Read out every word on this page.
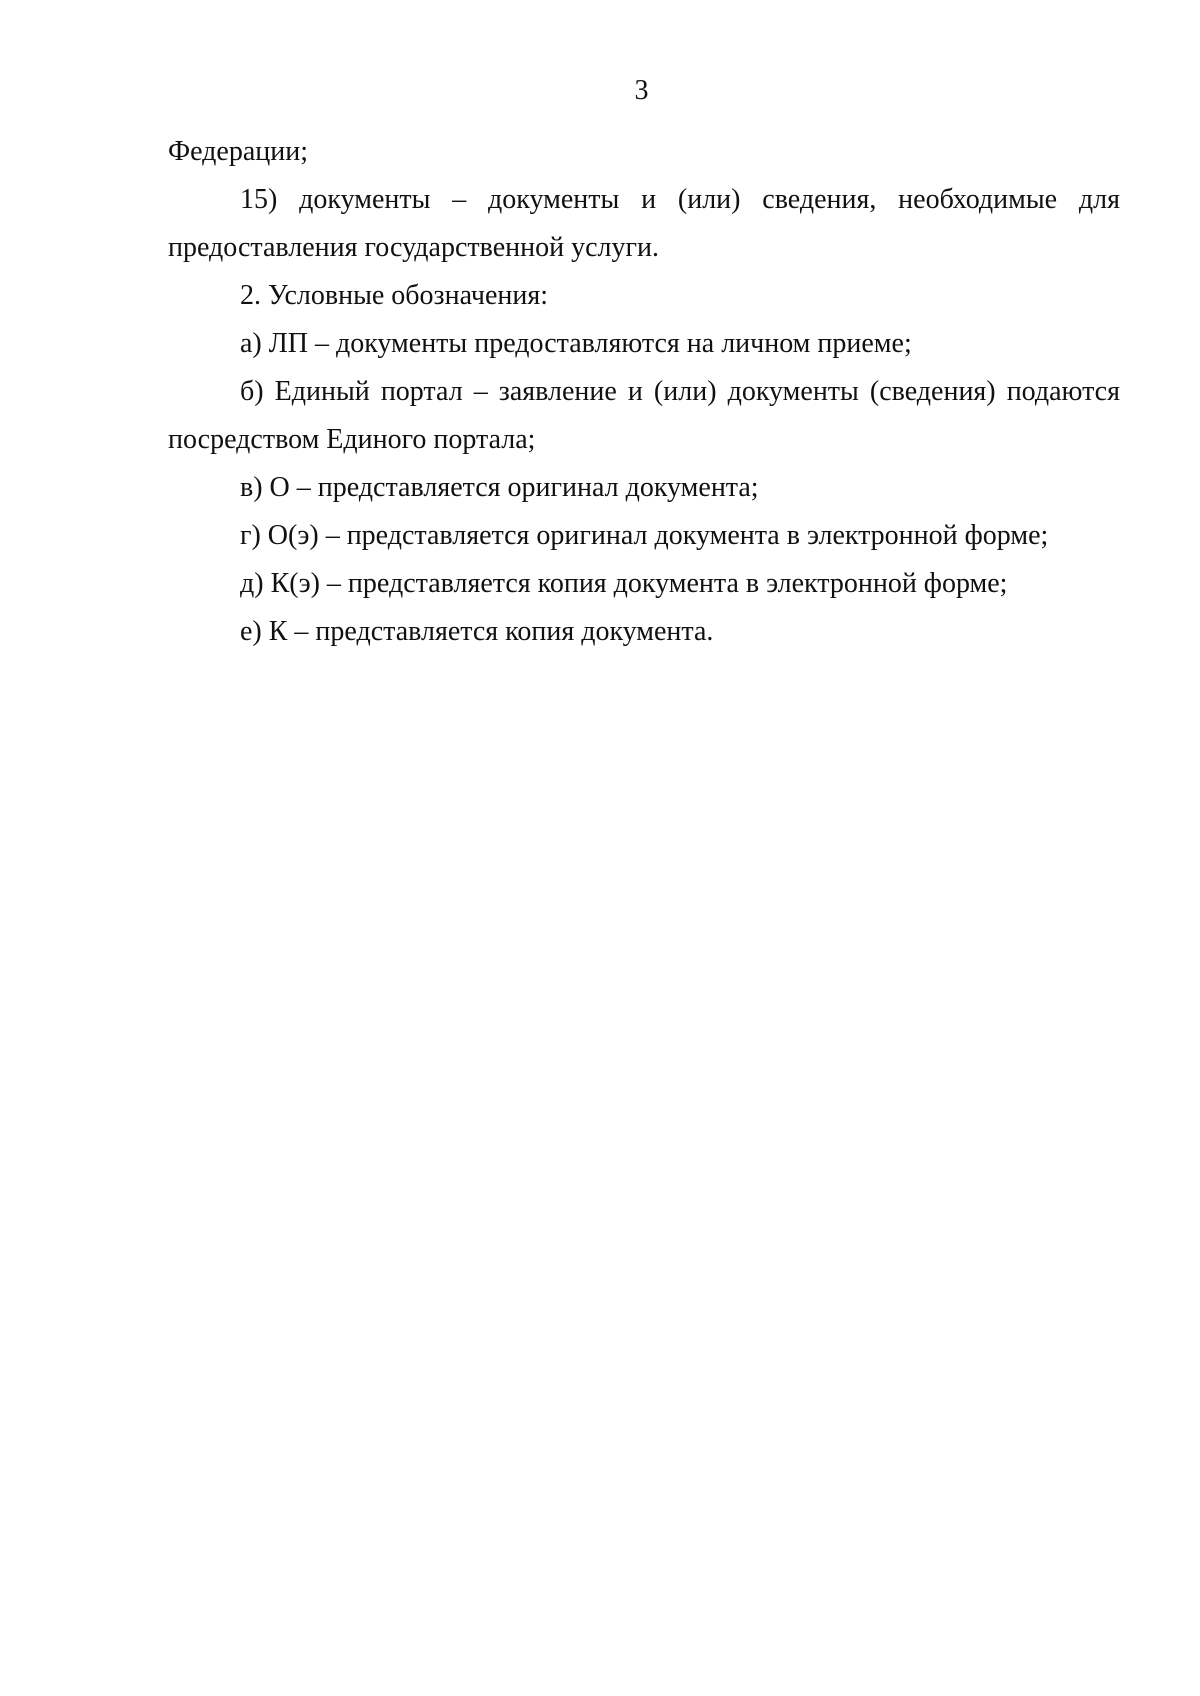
3

Федерации;

15) документы – документы и (или) сведения, необходимые для предоставления государственной услуги.

2. Условные обозначения:

а) ЛП – документы предоставляются на личном приеме;

б) Единый портал – заявление и (или) документы (сведения) подаются посредством Единого портала;

в) О – представляется оригинал документа;

г) О(э) – представляется оригинал документа в электронной форме;

д) К(э) – представляется копия документа в электронной форме;

е) К – представляется копия документа.
